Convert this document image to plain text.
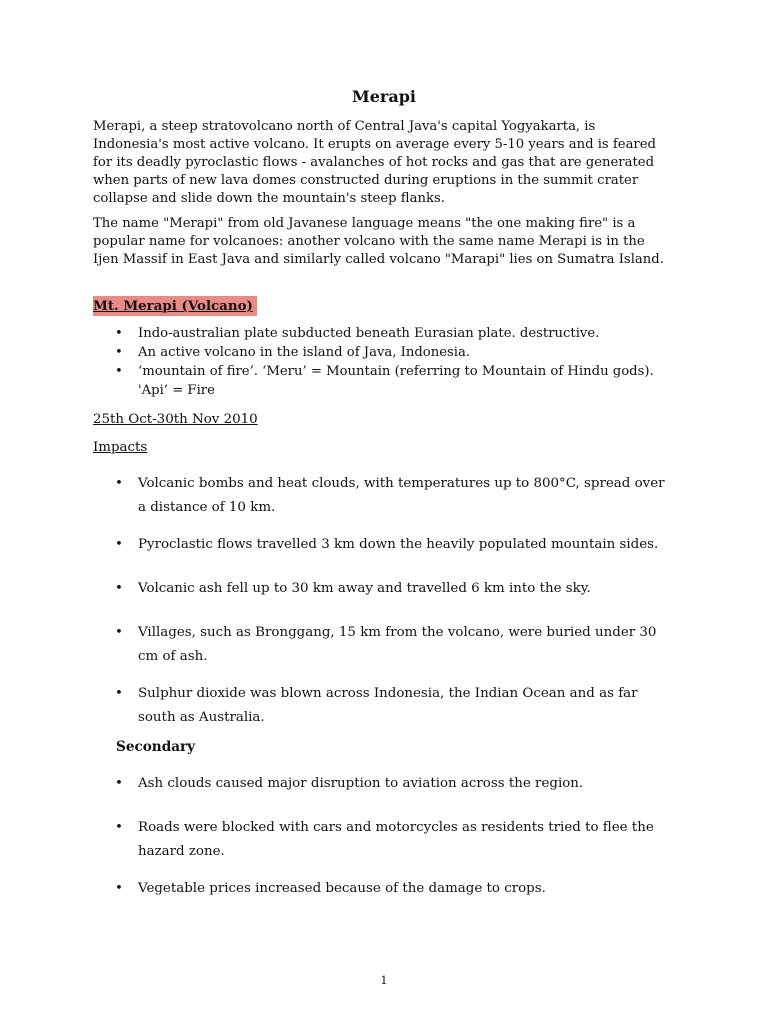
Merapi

Merapi, a steep stratovolcano north of Central Java's capital Yogyakarta, is Indonesia's most active volcano. It erupts on average every 5-10 years and is feared for its deadly pyroclastic flows - avalanches of hot rocks and gas that are generated when parts of new lava domes constructed during eruptions in the summit crater collapse and slide down the mountain's steep flanks.

The name "Merapi" from old Javanese language means "the one making fire" is a popular name for volcanoes: another volcano with the same name Merapi is in the Ijen Massif in East Java and similarly called volcano "Marapi" lies on Sumatra Island.

Mt. Merapi (Volcano)
• Indo-australian plate subducted beneath Eurasian plate. destructive.
• An active volcano in the island of Java, Indonesia.
• ‘mountain of fire’. ‘Meru’ = Mountain (referring to Mountain of Hindu gods). 'Api’ = Fire
25th Oct-30th Nov 2010
Impacts
• Volcanic bombs and heat clouds, with temperatures up to 800°C, spread over a distance of 10 km.
• Pyroclastic flows travelled 3 km down the heavily populated mountain sides.
• Volcanic ash fell up to 30 km away and travelled 6 km into the sky.
• Villages, such as Bronggang, 15 km from the volcano, were buried under 30 cm of ash.
• Sulphur dioxide was blown across Indonesia, the Indian Ocean and as far south as Australia.
Secondary
• Ash clouds caused major disruption to aviation across the region.
• Roads were blocked with cars and motorcycles as residents tried to flee the hazard zone.
• Vegetable prices increased because of the damage to crops.
1
